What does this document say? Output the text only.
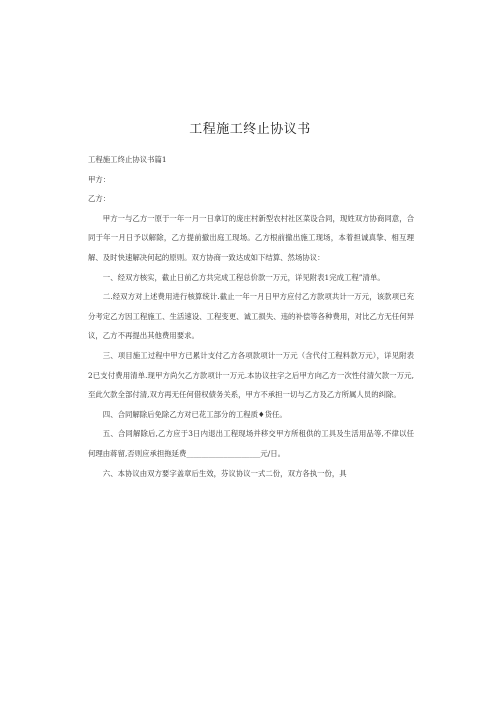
工程施工终止协议书

工程施工终止协议书篇1

甲方：

乙方：

甲方一与乙方一原于一年一月一日拿订的庞庄村新型农村社区菜设合同，现姓双方协商同意，合同于年一月日予以解除，乙方提前撤出庭工现场。乙方根前撤出施工现场，本着担诚真挚、相互理解、及时快速解决何起的原则。双方协商一致达成如下结算、然场协议：

一、经双方核实，截止日前乙方共完成工程总价款一万元，详见附表1完成工程”清单。

二.经双方对上述费用进行核算统计.截止一年一月日甲方应付乙方款项共计一万元，该款项已充分考定乙方因工程施工、生活速设、工程变更、诚工损失、违的补偿等各种费用，对比乙方无任何异议，乙方不再提出其他费用要求。

三、项目施工过程中甲方已累计支付乙方各项款项计一万元（含代付工程料款万元），详见附表2已支付费用清单.现甲方尚欠乙方款项计一万元.本协议拄字之后甲方向乙方一次性付清欠款一万元,至此欠款全部付清,双方再无任何借权债务关系，甲方不承担一切与乙方及乙方所属人员的纠除。

四、合同解除后免除乙方对已花工部分的工程质♦货任。

五、合同解除后,乙方应于3日内退出工程现场并移交甲方所租供的工具及生活用品等,不律以任何理由蒋留,否则应承担拖延费____________________元/日。

六、本协议由双方要字盖章后生效，芬议协议一式二份，双方各执一份，具
